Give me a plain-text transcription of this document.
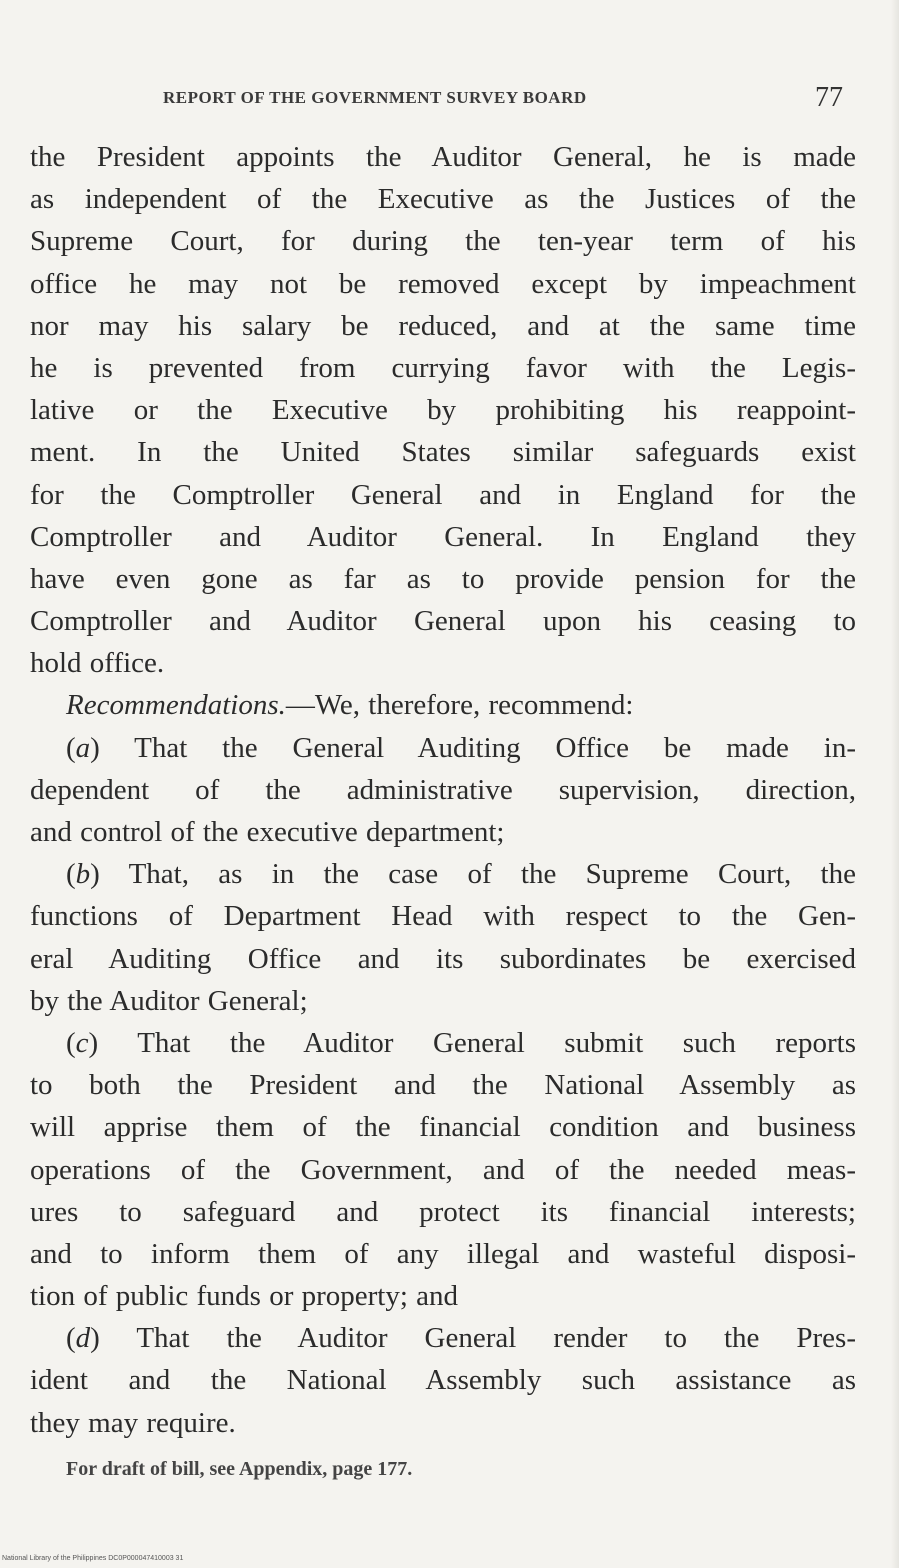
REPORT OF THE GOVERNMENT SURVEY BOARD	77
the President appoints the Auditor General, he is made
as independent of the Executive as the Justices of the
Supreme Court, for during the ten-year term of his
office he may not be removed except by impeachment
nor may his salary be reduced, and at the same time
he is prevented from currying favor with the Legis-
lative or the Executive by prohibiting his reappoint-
ment. In the United States similar safeguards exist
for the Comptroller General and in England for the
Comptroller and Auditor General. In England they
have even gone as far as to provide pension for the
Comptroller and Auditor General upon his ceasing to
hold office.
Recommendations.—We, therefore, recommend:
(a) That the General Auditing Office be made in-
dependent of the administrative supervision, direction,
and control of the executive department;
(b) That, as in the case of the Supreme Court, the
functions of Department Head with respect to the Gen-
eral Auditing Office and its subordinates be exercised
by the Auditor General;
(c) That the Auditor General submit such reports
to both the President and the National Assembly as
will apprise them of the financial condition and business
operations of the Government, and of the needed meas-
ures to safeguard and protect its financial interests;
and to inform them of any illegal and wasteful disposi-
tion of public funds or property; and
(d) That the Auditor General render to the Pres-
ident and the National Assembly such assistance as
they may require.
For draft of bill, see Appendix, page 177.
National Library of the Philippines DC0P000047410003 31
